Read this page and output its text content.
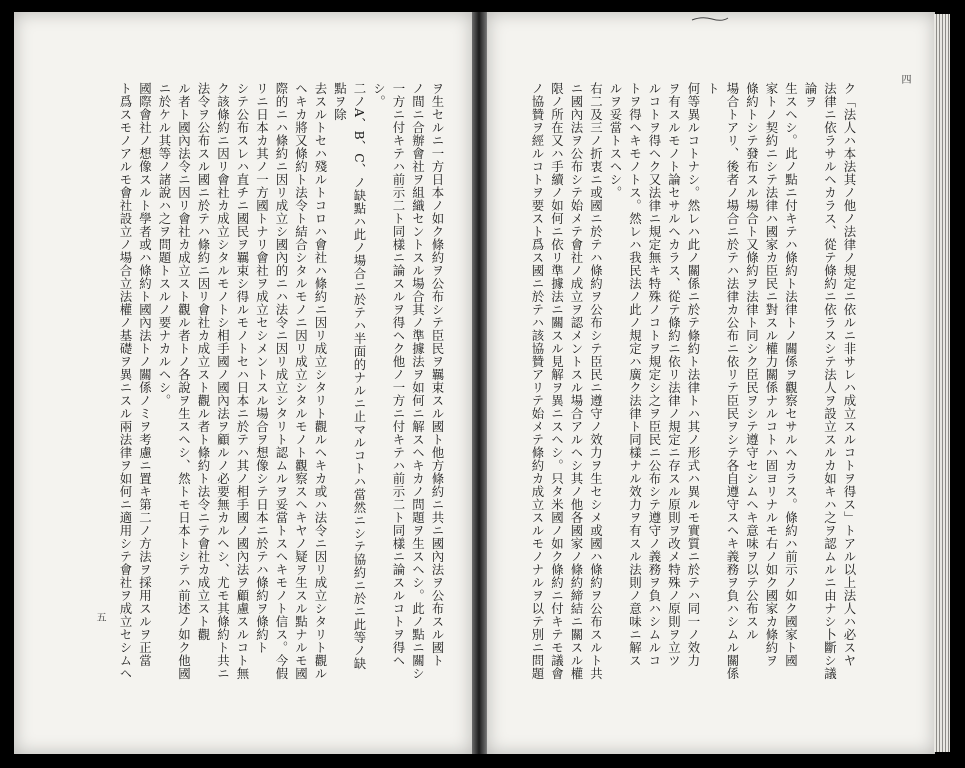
ヲ生セルニ一方日本ノ如ク條約ヲ公布シテ臣民ヲ羈束スル國ト他方條約ニ共ニ國內法ヲ公布スル國ト
ノ間ニ合辦會社ヲ組織セントスル場合其ノ準據法ヲ如何ニ解スヘキカノ問題ヲ生スヘシ。此ノ點ニ關シ
一方ニ付キテハ前示二ト同樣ニ論スルヲ得ヘク他ノ一方ニ付キテハ前示二ト同樣ニ論スルコトヲ得ヘシ。
二ノA、B、C、ノ缺點ハ此ノ場合ニ於テハ半面的ナルニ止マルコトハ當然ニシテ協約ニ於ニ此等ノ缺點ヲ除
去スルトセハ殘ルトコロハ會社ハ條約ニ因リ成立シタリト觀ルヘキカ或ハ法令ニ因リ成立シタリト觀ル
ヘキカ將又條約ト法令ト結合シタルモノニ因リ成立シタルモノト觀察スヘキヤノ疑ヲ生スル點ナルモ國
際的ニハ條約ニ因リ成立シ國內的ニハ法令ニ因リ成立シタリト認ムルヲ妥當トスヘキモノト信ス。今假
リニ日本カ其ノ一方國トナリ會社ヲ成立セシメントスル場合ヲ想像シテ日本ニ於テハ條約ヲ條約ト
シテ公布スレハ直チニ國民ヲ羈束シ得ルモノトセハ日本ニ於テハ其ノ相手國ノ國內法ヲ顧慮スルコト無
ク該條約ニ因リ會社カ成立シタルモノトシ相手國ノ國內法ヲ顧ルノ必要無カルヘシ、尤モ其條約ト共ニ
法令ヲ公布スル國ニ於テハ條約ニ因リ會社カ成立スト觀ル者ト條約ト法令ニテ會社カ成立スト觀
ル者ト國內法令ニ因リ會社カ成立スト觀ル者トノ各說ヲ生スヘシ、然トモ日本トシテハ前述ノ如ク他國
ニ於ケル其等ノ諸說ハ之ヲ問題トスルノ要ナカルヘシ。
國際會社ノ想像スルト學者或ハ條約ト國內法トノ關係ノミヲ考慮ニ置キ第二ノ方法ヲ採用スルヲ正當
ト爲スモノアルモ會社設立ノ場合立法權ノ基礎ヲ異ニスル兩法律ヲ如何ニ適用シテ會社ヲ成立セシムヘ
五	ク「法人ハ本法其ノ他ノ法律ノ規定ニ依ルニ非サレハ成立スルコトヲ得ス」トアル以上法人ハ必スヤ
法律ニ依ラサルヘカラス、從テ條約ニ依ラスシテ法人ヲ設立スルカ如キハ之ヲ認ムルニ由ナシ卜斷シ議論ヲ
生スヘシ。此ノ點ニ付キテハ條約ト法律トノ關係ヲ觀察セサルヘカラス。條約ハ前示ノ如ク國家ト國
家トノ契約ニシテ法律ハ國家カ臣民ニ對スル權力關係ナルコトハ固ヨリナルモ右ノ如ク國家カ條約ヲ
條約トシテ發布スル場合ト又條約ヲ法律ト同シク臣民ヲシテ遵守セシムヘキ意味ヲ以テ公布スル
場合トアリ、後者ノ場合ニ於テハ法律カ公布ニ依リテ臣民ヲシテ各自遵守スヘキ義務ヲ負ハシムル關係ト
何等異ルコトナシ。然レハ此ノ關係ニ於テ條約ト法律トハ其ノ形式ハ異ルモ實質ニ於テハ同一ノ效力
ヲ有スルモノト論セサルヘカラス、從テ條約ニ依リ法律ノ規定ニ存スル原則ヲ改メ特殊ノ原則ヲ立ツ
ルコトヲ得ヘク又法律ニ規定無キ特殊ノコトヲ規定シ之ヲ臣民ニ公布シテ遵守ノ義務ヲ負ハシムルコ
トヲ得ヘキモノトス。然レハ我民法ノ此ノ規定ハ廣ク法律ト同樣ナル效力ヲ有スル法則ノ意味ニ解ス
ルヲ妥當トスヘシ。
右二及三ノ折衷ニ或國ニ於テハ條約ヲ公布シテ臣民ニ遵守ノ效力ヲ生セシメ或國ハ條約ヲ公布スルト共
ニ國內法ヲ公布シテ始メテ會社ノ成立ヲ認メントスル場合アルヘシ其ノ他各國家ノ條約締結ニ關スル權
限ノ所在又ハ手續ノ如何ニ依リ準據法ニ關スル見解ヲ異ニスヘシ。只タ米國ノ如ク條約ニ付キテモ議會
ノ協贊ヲ經ルコトヲ要スト爲ス國ニ於テハ該協贊アリテ始メテ條約カ成立スルモノナルヲ以テ別ニ問題
四
